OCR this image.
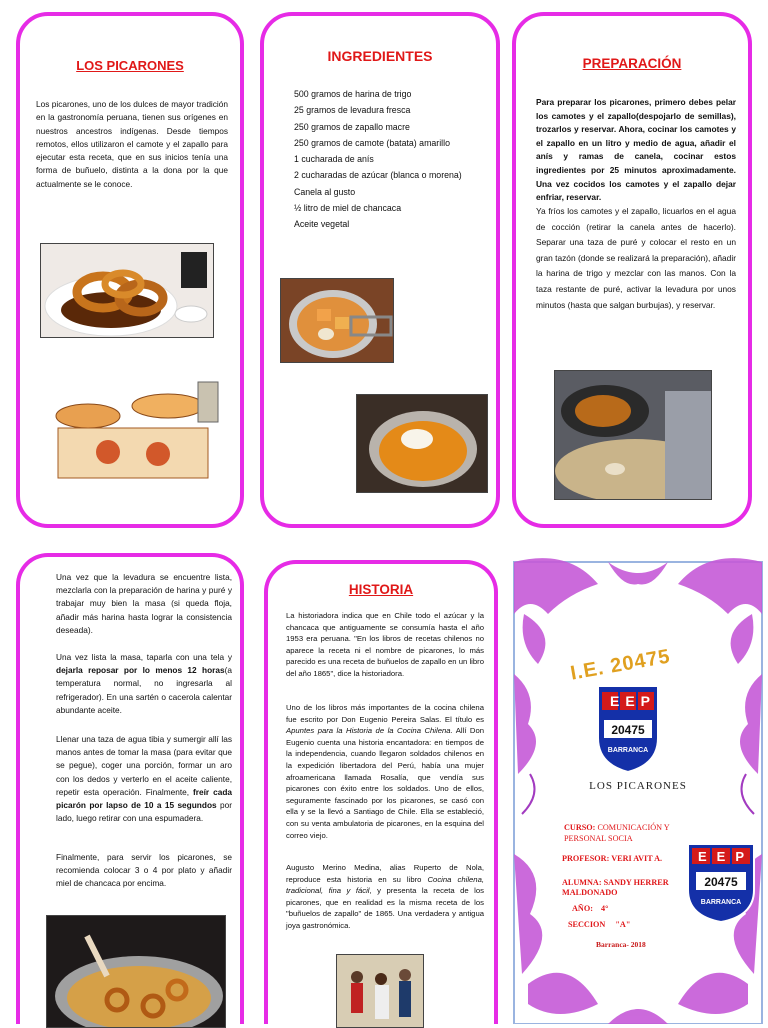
LOS PICARONES
Los picarones, uno de los dulces de mayor tradición en la gastronomía peruana, tienen sus orígenes en nuestros ancestros indígenas. Desde tiempos remotos, ellos utilizaron el camote y el zapallo para ejecutar esta receta, que en sus inicios tenía una forma de buñuelo, distinta a la dona por la que actualmente se le conoce.
INGREDIENTES
500 gramos de harina de trigo
25 gramos de levadura fresca
250 gramos de zapallo macre
250 gramos de camote (batata) amarillo
1 cucharada de anís
2 cucharadas de azúcar (blanca o morena)
Canela al gusto
½ litro de miel de chancaca
Aceite vegetal
PREPARACIÓN
Para preparar los picarones, primero debes pelar los camotes y el zapallo(despojarlo de semillas), trozarlos y reservar. Ahora, cocinar los camotes y el zapallo en un litro y medio de agua, añadir el anís y ramas de canela, cocinar estos ingredientes por 25 minutos aproximadamente. Una vez cocidos los camotes y el zapallo dejar enfriar, reservar.
Ya fríos los camotes y el zapallo, licuarlos en el agua de cocción (retirar la canela antes de hacerlo). Separar una taza de puré y colocar el resto en un gran tazón (donde se realizará la preparación), añadir la harina de trigo y mezclar con las manos. Con la taza restante de puré, activar la levadura por unos minutos (hasta que salgan burbujas), y reservar.
Una vez que la levadura se encuentre lista, mezclarla con la preparación de harina y puré y trabajar muy bien la masa (si queda floja, añadir más harina hasta lograr la consistencia deseada).
Una vez lista la masa, taparla con una tela y dejarla reposar por lo menos 12 horas(a temperatura normal, no ingresarla al refrigerador). En una sartén o cacerola calentar abundante aceite.
Llenar una taza de agua tibia y sumergir allí las manos antes de tomar la masa (para evitar que se pegue), coger una porción, formar un aro con los dedos y verterlo en el aceite caliente, repetir esta operación. Finalmente, freír cada picarón por lapso de 10 a 15 segundos por lado, luego retirar con una espumadera.
Finalmente, para servir los picarones, se recomienda colocar 3 o 4 por plato y añadir miel de chancaca por encima.
HISTORIA
La historiadora indica que en Chile todo el azúcar y la chancaca que antiguamente se consumía hasta el año 1953 era peruana. "En los libros de recetas chilenos no aparece la receta ni el nombre de picarones, lo más parecido es una receta de buñuelos de zapallo en un libro del año 1865", dice la historiadora.
Uno de los libros más importantes de la cocina chilena fue escrito por Don Eugenio Pereira Salas. El título es Apuntes para la Historia de la Cocina Chilena. Allí Don Eugenio cuenta una historia encantadora: en tiempos de la independencia, cuando llegaron soldados chilenos en la expedición libertadora del Perú, había una mujer afroamericana llamada Rosalía, que vendía sus picarones con éxito entre los soldados. Uno de ellos, seguramente fascinado por los picarones, se casó con ella y se la llevó a Santiago de Chile. Ella se estableció, con su venta ambulatoria de picarones, en la esquina del correo viejo.
Augusto Merino Medina, alias Ruperto de Nola, reproduce esta historia en su libro Cocina chilena, tradicional, fina y fácil, y presenta la receta de los picarones, que en realidad es la misma receta de los "buñuelos de zapallo" de 1865. Una verdadera y antigua joya gastronómica.
I.E. 20475
EEP
20475
BARRANCA
LOS PICARONES
CURSO: COMUNICACIÓN Y PERSONAL SOCIA
PROFESOR: VERI AVIT A.
ALUMNA: SANDY HERRER MALDONADO
AÑO: 4°
SECCION "A"
EEP
20475
BARRANCA
Barranca- 2018
